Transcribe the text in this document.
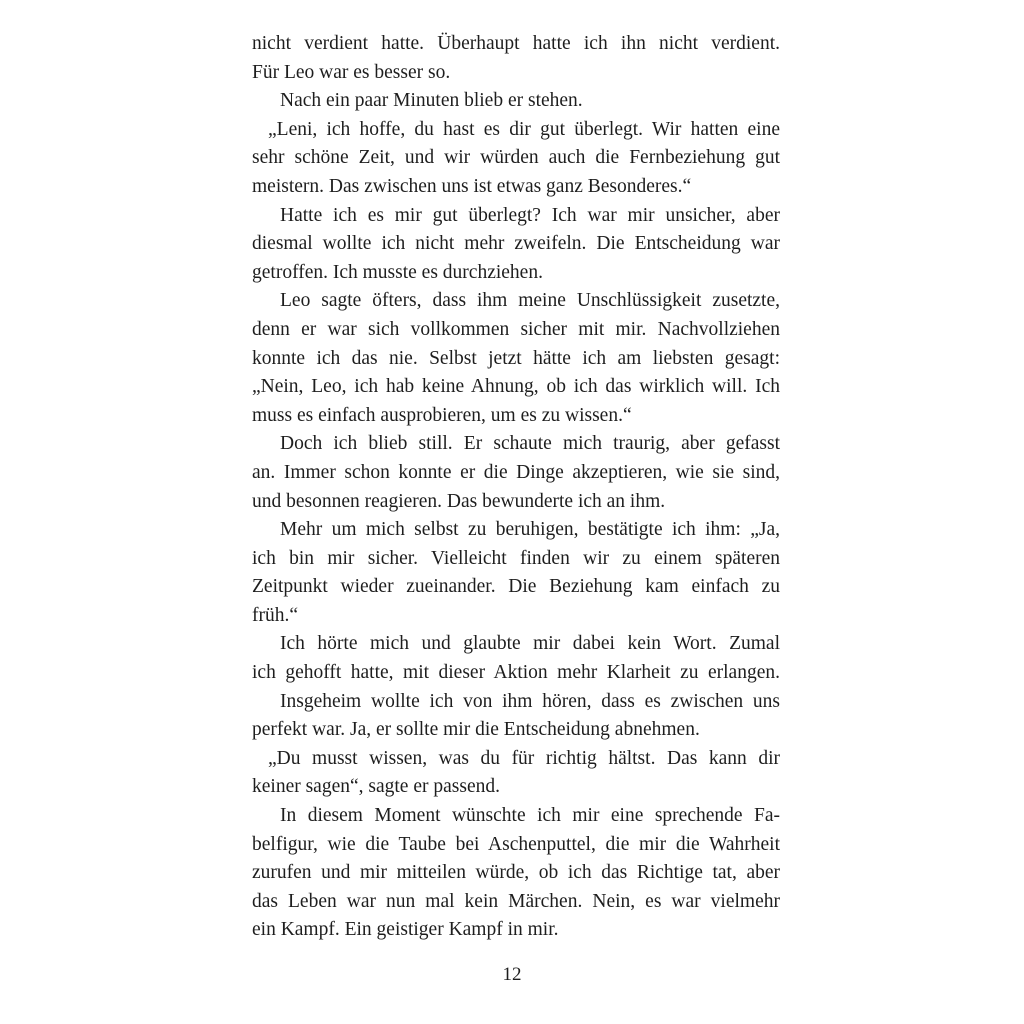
nicht verdient hatte. Überhaupt hatte ich ihn nicht verdient.
Für Leo war es besser so.
Nach ein paar Minuten blieb er stehen.
„Leni, ich hoffe, du hast es dir gut überlegt. Wir hatten eine
sehr schöne Zeit, und wir würden auch die Fernbeziehung gut
meistern. Das zwischen uns ist etwas ganz Besonderes.“
Hatte ich es mir gut überlegt? Ich war mir unsicher, aber
diesmal wollte ich nicht mehr zweifeln. Die Entscheidung war
getroffen. Ich musste es durchziehen.
Leo sagte öfters, dass ihm meine Unschlüssigkeit zusetzte,
denn er war sich vollkommen sicher mit mir. Nachvollziehen
konnte ich das nie. Selbst jetzt hätte ich am liebsten gesagt:
„Nein, Leo, ich hab keine Ahnung, ob ich das wirklich will. Ich
muss es einfach ausprobieren, um es zu wissen.“
Doch ich blieb still. Er schaute mich traurig, aber gefasst
an. Immer schon konnte er die Dinge akzeptieren, wie sie sind,
und besonnen reagieren. Das bewunderte ich an ihm.
Mehr um mich selbst zu beruhigen, bestätigte ich ihm: „Ja,
ich bin mir sicher. Vielleicht finden wir zu einem späteren
Zeitpunkt wieder zueinander. Die Beziehung kam einfach zu
früh.“
Ich hörte mich und glaubte mir dabei kein Wort. Zumal
ich gehofft hatte, mit dieser Aktion mehr Klarheit zu erlangen.
Insgeheim wollte ich von ihm hören, dass es zwischen uns
perfekt war. Ja, er sollte mir die Entscheidung abnehmen.
„Du musst wissen, was du für richtig hältst. Das kann dir
keiner sagen“, sagte er passend.
In diesem Moment wünschte ich mir eine sprechende Fa-
belfigur, wie die Taube bei Aschenputtel, die mir die Wahrheit
zurufen und mir mitteilen würde, ob ich das Richtige tat, aber
das Leben war nun mal kein Märchen. Nein, es war vielmehr
ein Kampf. Ein geistiger Kampf in mir.
12
